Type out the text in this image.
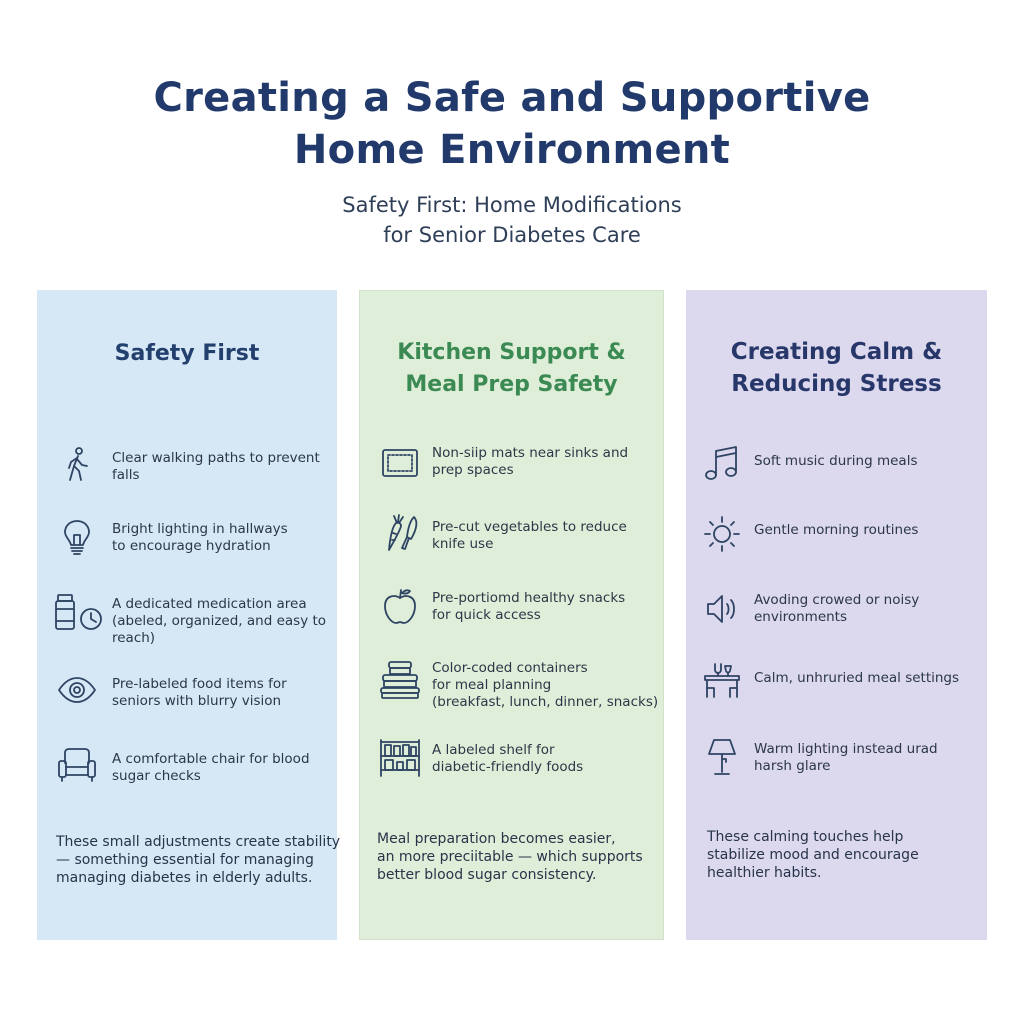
Creating a Safe and Supportive
Home Environment
Safety First: Home Modifications
for Senior Diabetes Care
Safety First
Clear walking paths to prevent
falls
Bright lighting in hallways
to encourage hydration
A dedicated medication area
(abeled, organized, and easy to
reach)
Pre-labeled food items for
seniors with blurry vision
A comfortable chair for blood
sugar checks
These small adjustments create stability
— something essential for managing
managing diabetes in elderly adults.
Kitchen Support &
Meal Prep Safety
Non-siip mats near sinks and
prep spaces
Pre-cut vegetables to reduce
knife use
Pre-portiomd healthy snacks
for quick access
Color-coded containers
for meal planning
(breakfast, lunch, dinner, snacks)
A labeled shelf for
diabetic-friendly foods
Meal preparation becomes easier,
an more preciitable — which supports
better blood sugar consistency.
Creating Calm &
Reducing Stress
Soft music during meals
Gentle morning routines
Avoding crowed or noisy
environments
Calm, unhruried meal settings
Warm lighting instead urad
harsh glare
These calming touches help
stabilize mood and encourage
healthier habits.
